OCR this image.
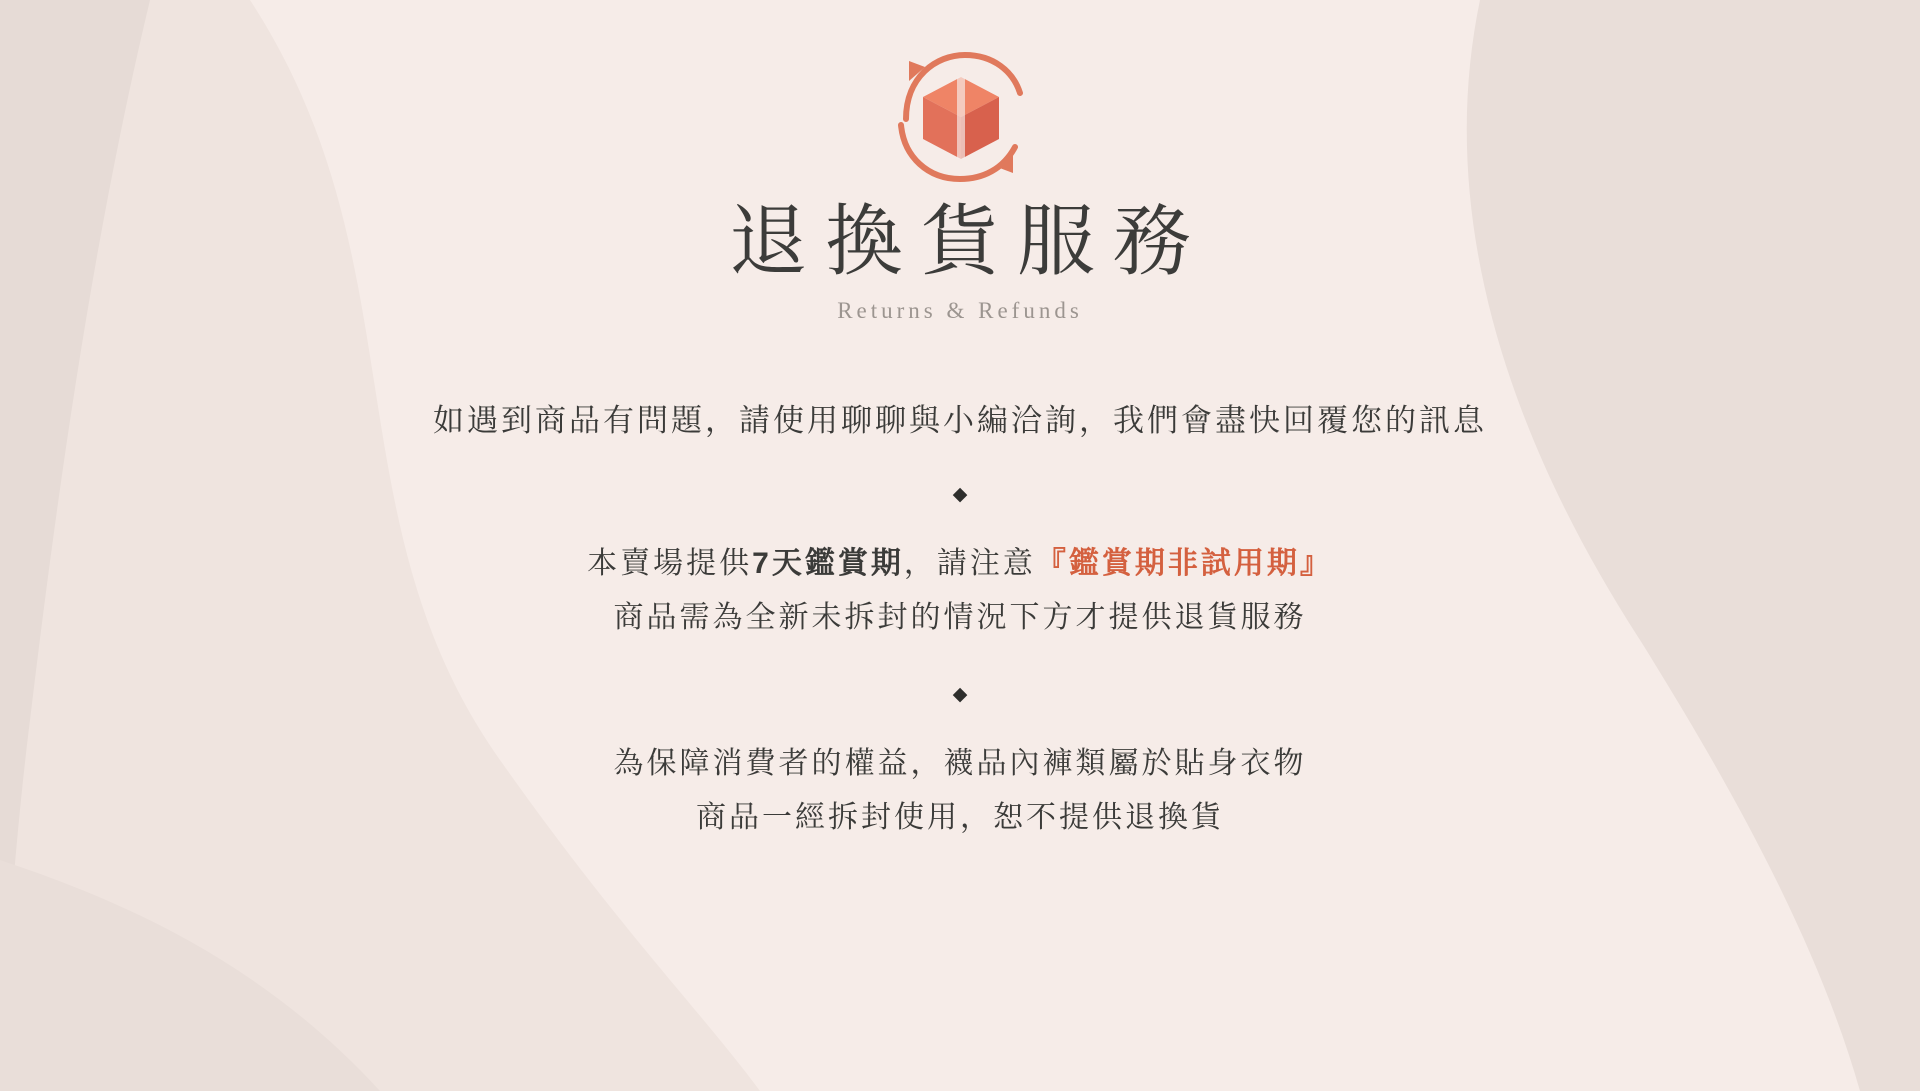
退換貨服務
Returns & Refunds
如遇到商品有問題，請使用聊聊與小編洽詢，我們會盡快回覆您的訊息
◆
本賣場提供7天鑑賞期，請注意『鑑賞期非試用期』
商品需為全新未拆封的情況下方才提供退貨服務
◆
為保障消費者的權益，襪品內褲類屬於貼身衣物
商品一經拆封使用，恕不提供退換貨
